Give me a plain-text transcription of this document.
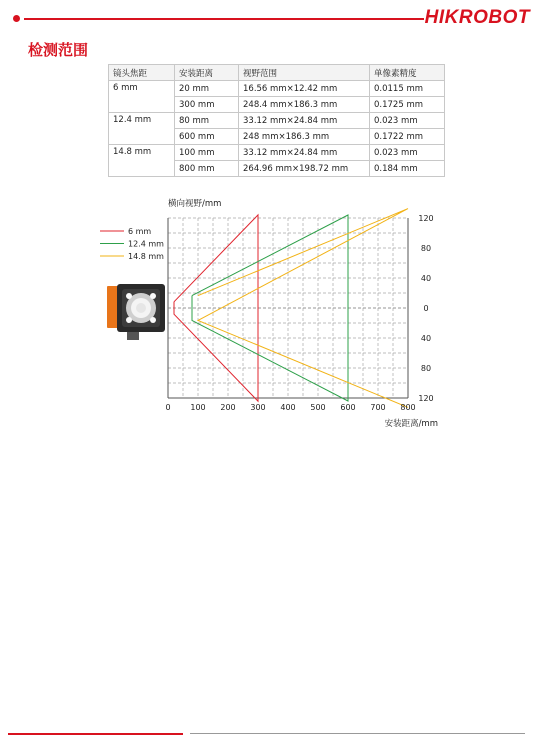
HIKROBOT
检测范围
镜头焦距	安装距离	视野范围	单像素精度
6 mm	20 mm	16.56 mm×12.42 mm	0.0115 mm
	300 mm	248.4 mm×186.3 mm	0.1725 mm
12.4 mm	80 mm	33.12 mm×24.84 mm	0.023 mm
	600 mm	248 mm×186.3 mm	0.1722 mm
14.8 mm	100 mm	33.12 mm×24.84 mm	0.023 mm
	800 mm	264.96 mm×198.72 mm	0.184 mm
0 100 200 300 400 500 600 700 800
120
80
40
0
40
80
120
横向视野/mm
安装距离/mm
6 mm
12.4 mm
14.8 mm
